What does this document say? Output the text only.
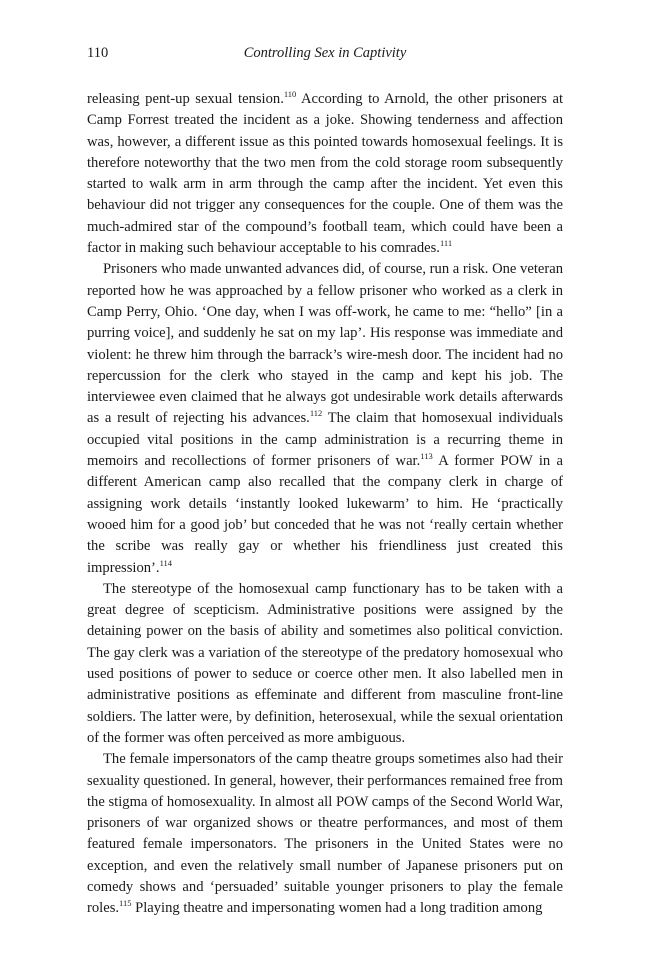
110	Controlling Sex in Captivity

releasing pent-up sexual tension.$^{110}$ According to Arnold, the other prisoners at Camp Forrest treated the incident as a joke. Showing tenderness and affection was, however, a different issue as this pointed towards homosexual feelings. It is therefore noteworthy that the two men from the cold storage room subsequently started to walk arm in arm through the camp after the incident. Yet even this behaviour did not trigger any consequences for the couple. One of them was the much-admired star of the compound’s football team, which could have been a factor in making such behaviour acceptable to his comrades.$^{111}$

Prisoners who made unwanted advances did, of course, run a risk. One veteran reported how he was approached by a fellow prisoner who worked as a clerk in Camp Perry, Ohio. ‘One day, when I was off-work, he came to me: “hello” [in a purring voice], and suddenly he sat on my lap’. His response was immediate and violent: he threw him through the barrack’s wire-mesh door. The incident had no repercussion for the clerk who stayed in the camp and kept his job. The interviewee even claimed that he always got undesirable work details afterwards as a result of rejecting his advances.$^{112}$ The claim that homosexual individuals occupied vital positions in the camp administration is a recurring theme in memoirs and recollections of former prisoners of war.$^{113}$ A former POW in a different American camp also recalled that the company clerk in charge of assigning work details ‘instantly looked lukewarm’ to him. He ‘practically wooed him for a good job’ but conceded that he was not ‘really certain whether the scribe was really gay or whether his friendliness just created this impression’.$^{114}$

The stereotype of the homosexual camp functionary has to be taken with a great degree of scepticism. Administrative positions were assigned by the detaining power on the basis of ability and sometimes also political conviction. The gay clerk was a variation of the stereotype of the predatory homosexual who used positions of power to seduce or coerce other men. It also labelled men in administrative positions as effeminate and different from masculine front-line soldiers. The latter were, by definition, heterosexual, while the sexual orientation of the former was often perceived as more ambiguous.

The female impersonators of the camp theatre groups sometimes also had their sexuality questioned. In general, however, their performances remained free from the stigma of homosexuality. In almost all POW camps of the Second World War, prisoners of war organized shows or theatre performances, and most of them featured female impersonators. The prisoners in the United States were no exception, and even the relatively small number of Japanese prisoners put on comedy shows and ‘persuaded’ suitable younger prisoners to play the female roles.$^{115}$ Playing theatre and impersonating women had a long tradition among
